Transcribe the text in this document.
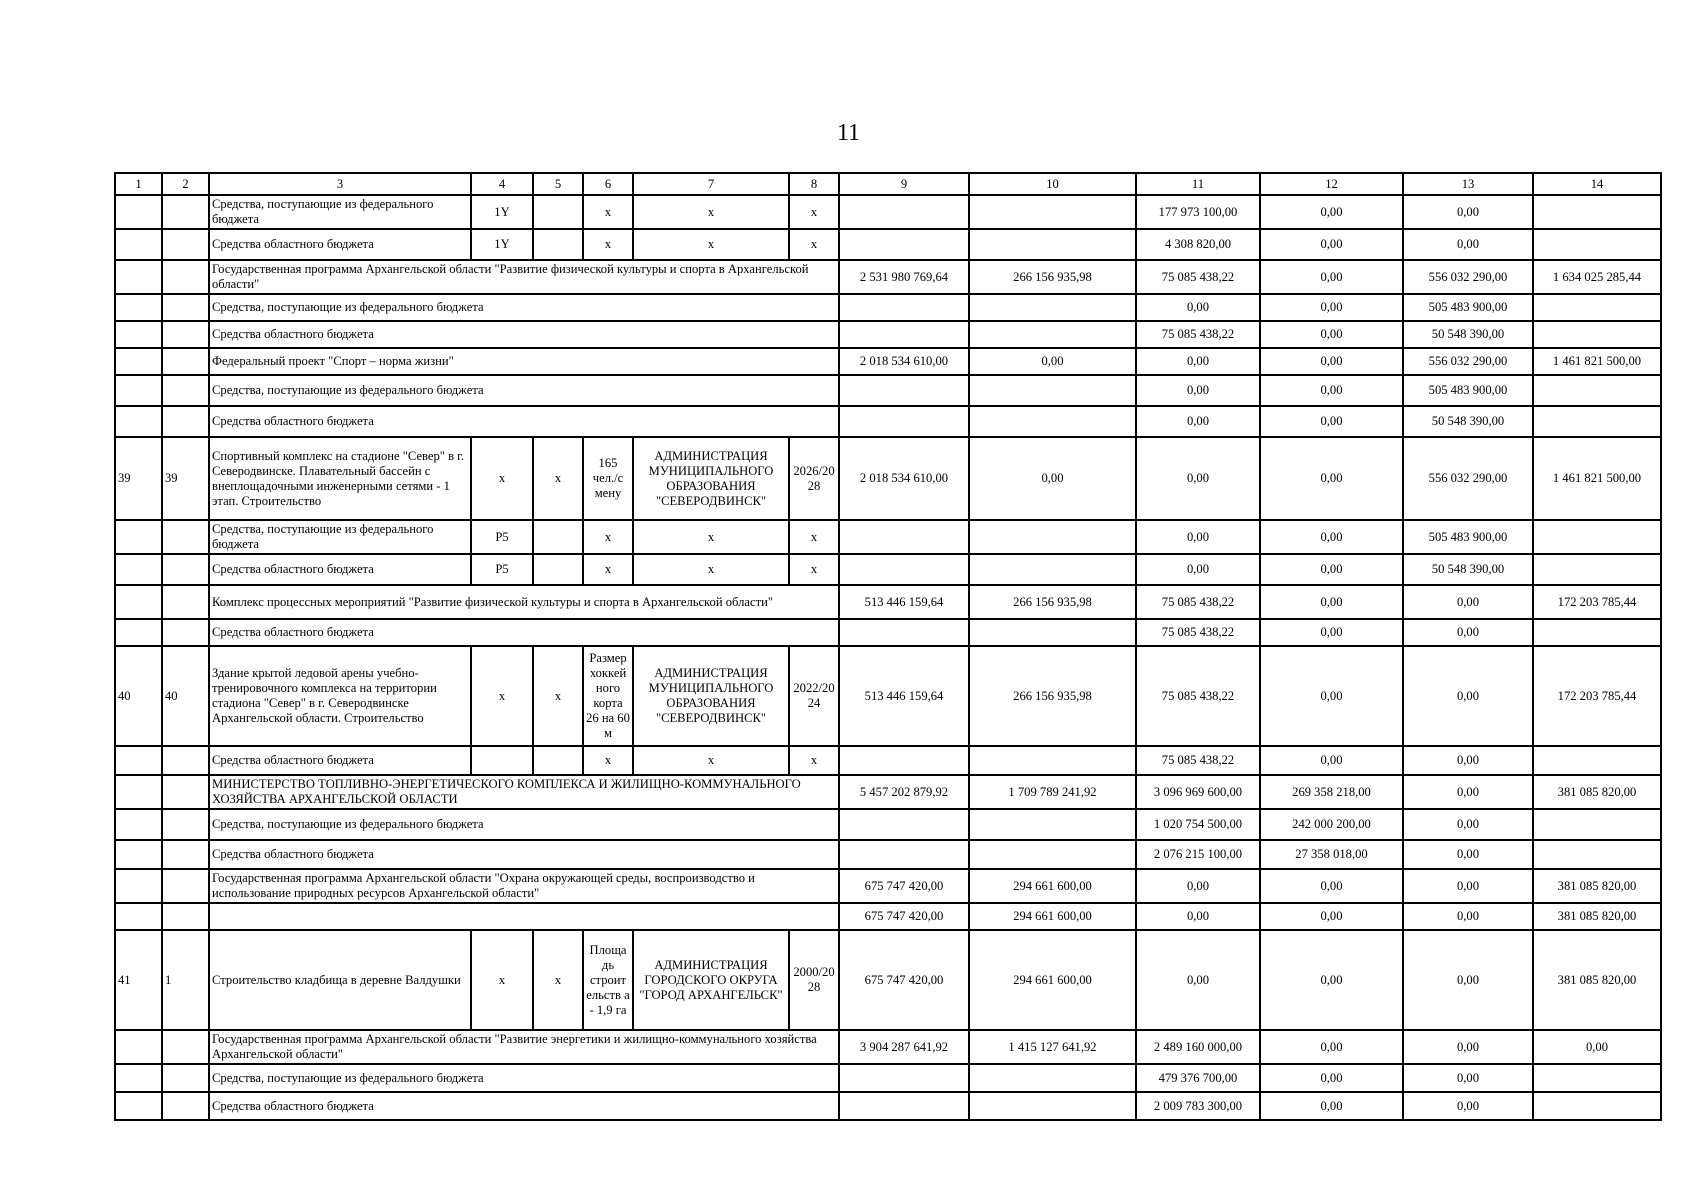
11
1	2	3	4	5	6	7	8	9	10	11	12	13	14
		Средства, поступающие из федерального бюджета	1Y		x	x	x			177 973 100,00	0,00	0,00	
		Средства областного бюджета	1Y		x	x	x			4 308 820,00	0,00	0,00	
		Государственная программа Архангельской области "Развитие физической культуры и спорта в Архангельской области"						2 531 980 769,64	266 156 935,98	75 085 438,22	0,00	556 032 290,00	1 634 025 285,44
		Средства, поступающие из федерального бюджета								0,00	0,00	505 483 900,00	
		Средства областного бюджета								75 085 438,22	0,00	50 548 390,00	
		Федеральный проект "Спорт – норма жизни"						2 018 534 610,00	0,00	0,00	0,00	556 032 290,00	1 461 821 500,00
		Средства, поступающие из федерального бюджета								0,00	0,00	505 483 900,00	
		Средства областного бюджета								0,00	0,00	50 548 390,00	
39	39	Спортивный комплекс на стадионе "Север" в г. Северодвинске. Плавательный бассейн с внеплощадочными инженерными сетями - 1 этап. Строительство	x	x	165 чел./с мену	АДМИНИСТРАЦИЯ МУНИЦИПАЛЬНОГО ОБРАЗОВАНИЯ "СЕВЕРОДВИНСК"	2026/20 28	2 018 534 610,00	0,00	0,00	0,00	556 032 290,00	1 461 821 500,00
		Средства, поступающие из федерального бюджета	P5		x	x	x			0,00	0,00	505 483 900,00	
		Средства областного бюджета	P5		x	x	x			0,00	0,00	50 548 390,00	
		Комплекс процессных мероприятий "Развитие физической культуры и спорта в Архангельской области"						513 446 159,64	266 156 935,98	75 085 438,22	0,00	0,00	172 203 785,44
		Средства областного бюджета								75 085 438,22	0,00	0,00	
40	40	Здание крытой ледовой арены учебно-тренировочного комплекса на территории стадиона "Север" в г. Северодвинске Архангельской области. Строительство	x	x	Размер хоккей ного корта 26 на 60 м	АДМИНИСТРАЦИЯ МУНИЦИПАЛЬНОГО ОБРАЗОВАНИЯ "СЕВЕРОДВИНСК"	2022/20 24	513 446 159,64	266 156 935,98	75 085 438,22	0,00	0,00	172 203 785,44
		Средства областного бюджета			x	x	x			75 085 438,22	0,00	0,00	
		МИНИСТЕРСТВО ТОПЛИВНО-ЭНЕРГЕТИЧЕСКОГО КОМПЛЕКСА И ЖИЛИЩНО-КОММУНАЛЬНОГО ХОЗЯЙСТВА АРХАНГЕЛЬСКОЙ ОБЛАСТИ						5 457 202 879,92	1 709 789 241,92	3 096 969 600,00	269 358 218,00	0,00	381 085 820,00
		Средства, поступающие из федерального бюджета								1 020 754 500,00	242 000 200,00	0,00	
		Средства областного бюджета								2 076 215 100,00	27 358 018,00	0,00	
		Государственная программа Архангельской области "Охрана окружающей среды, воспроизводство и использование природных ресурсов Архангельской области"						675 747 420,00	294 661 600,00	0,00	0,00	0,00	381 085 820,00
								675 747 420,00	294 661 600,00	0,00	0,00	0,00	381 085 820,00
41	1	Строительство кладбища в деревне Валдушки	x	x	Площа дь строит ельств а - 1,9 га	АДМИНИСТРАЦИЯ ГОРОДСКОГО ОКРУГА "ГОРОД АРХАНГЕЛЬСК"	2000/20 28	675 747 420,00	294 661 600,00	0,00	0,00	0,00	381 085 820,00
		Государственная программа Архангельской области "Развитие энергетики и жилищно-коммунального хозяйства Архангельской области"						3 904 287 641,92	1 415 127 641,92	2 489 160 000,00	0,00	0,00	0,00
		Средства, поступающие из федерального бюджета								479 376 700,00	0,00	0,00	
		Средства областного бюджета								2 009 783 300,00	0,00	0,00	
